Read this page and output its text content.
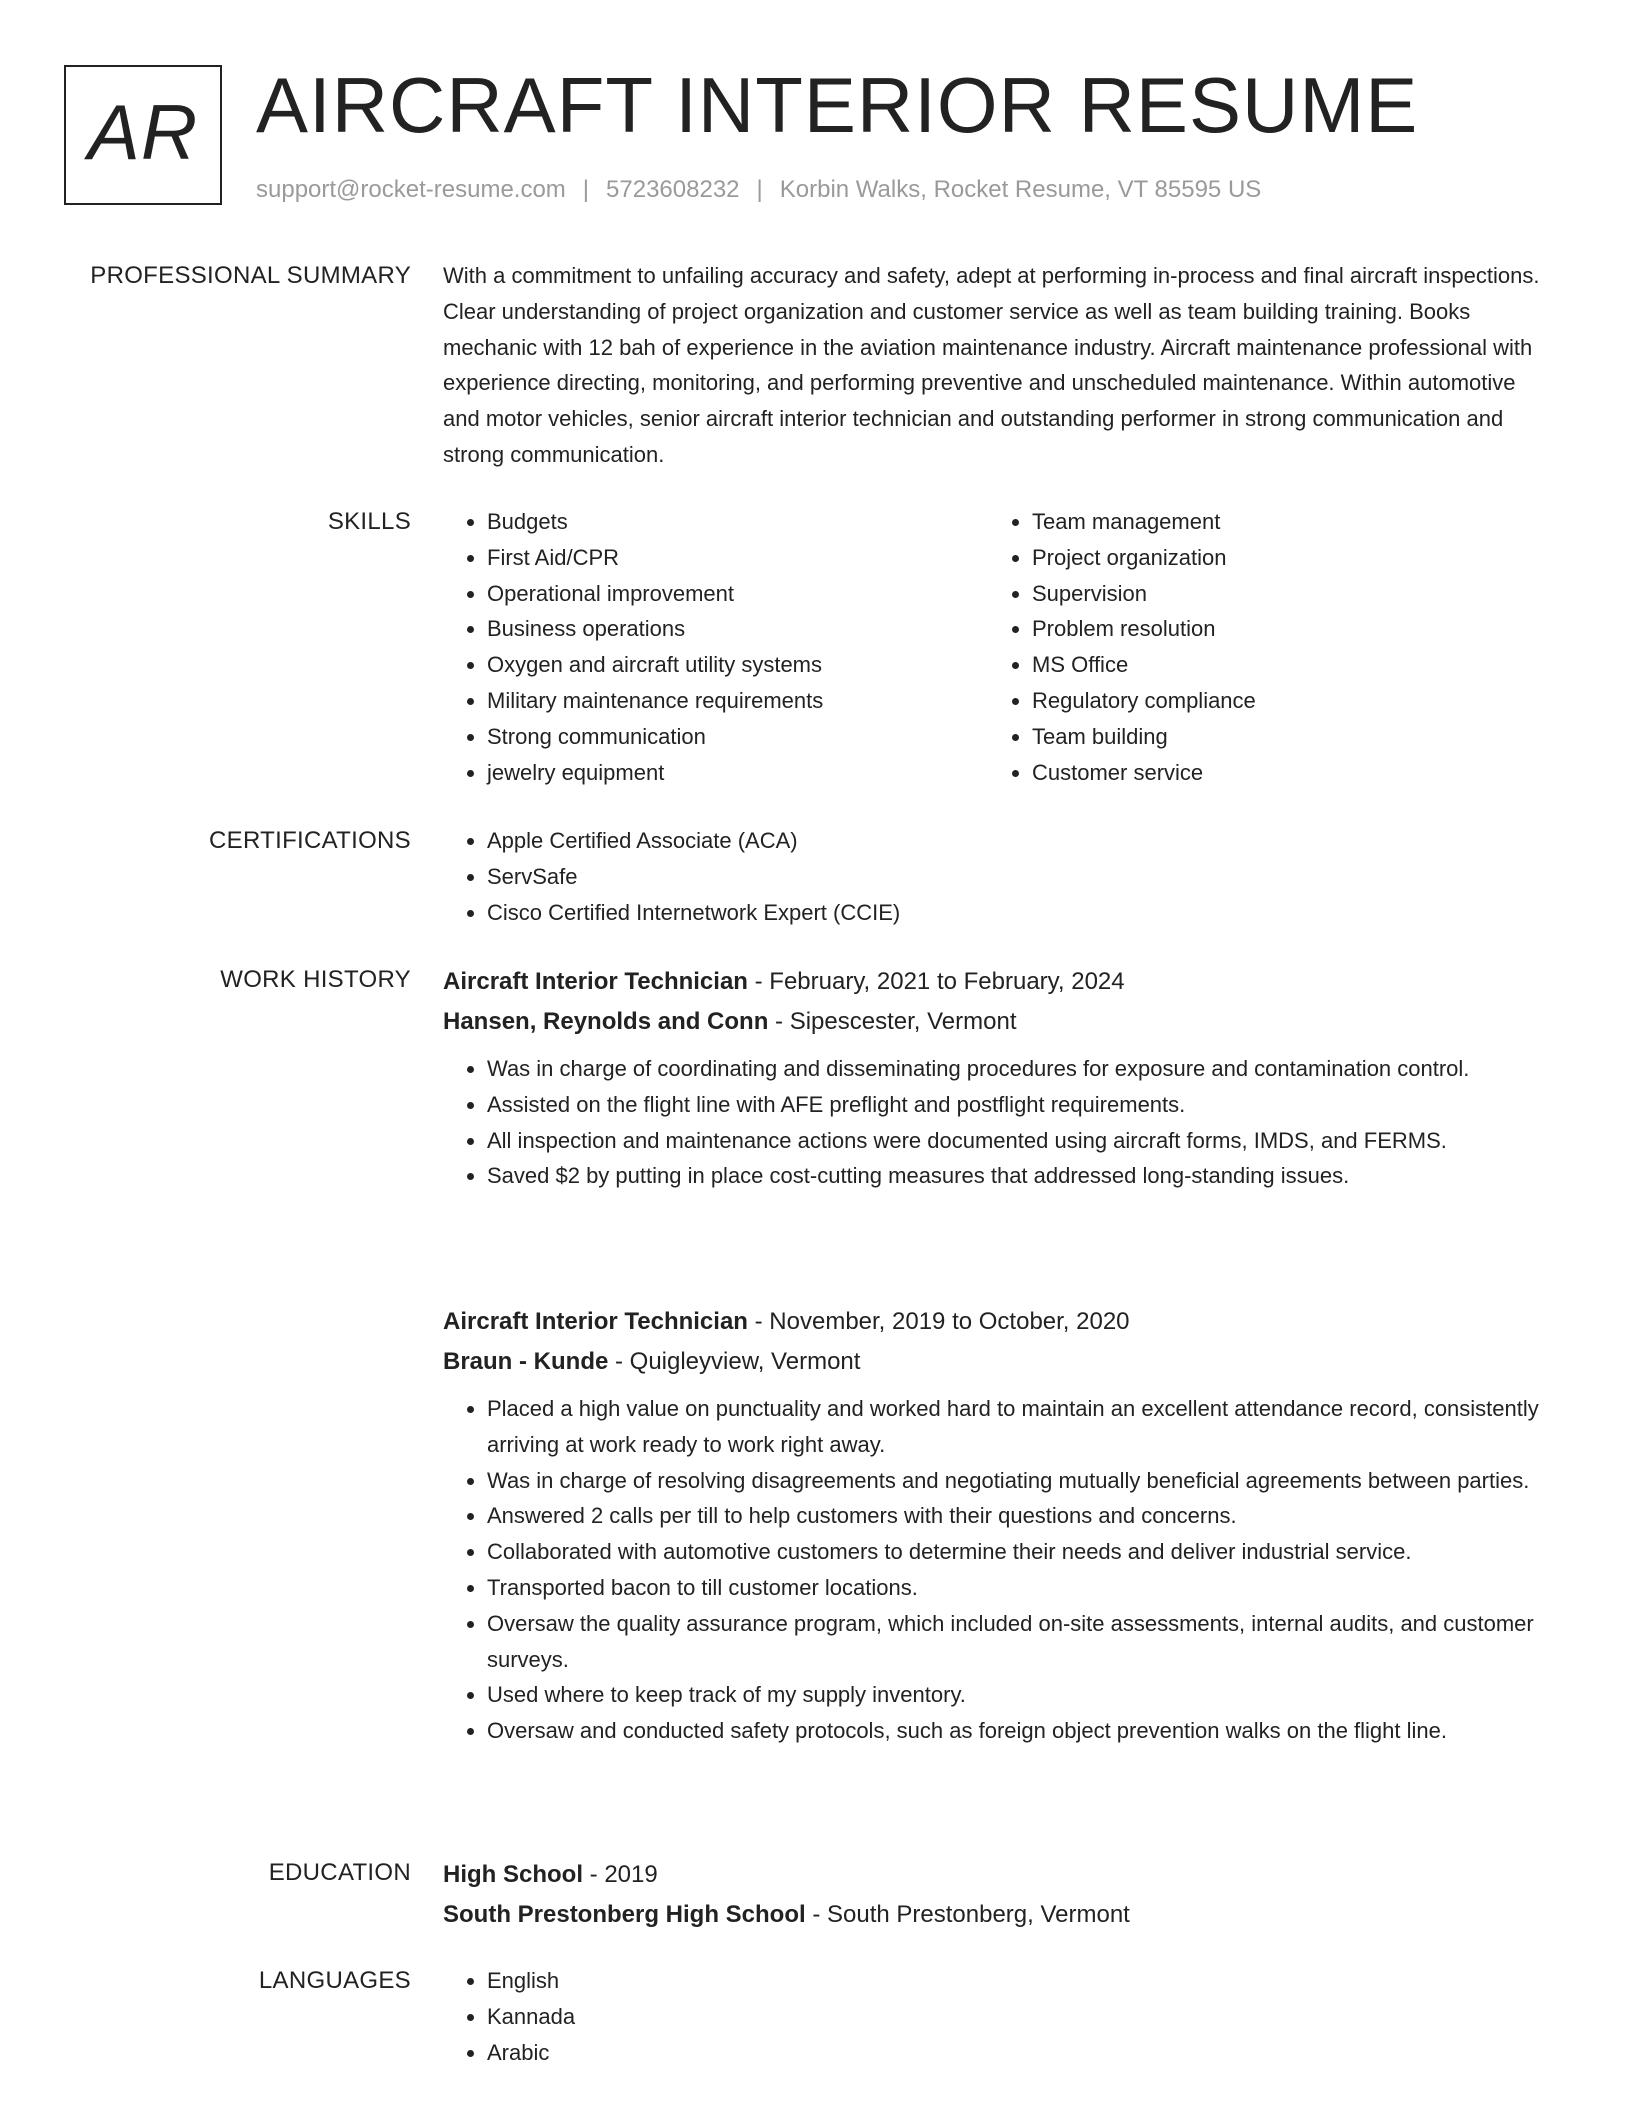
AR AIRCRAFT INTERIOR RESUME
support@rocket-resume.com | 5723608232 | Korbin Walks, Rocket Resume, VT 85595 US
PROFESSIONAL SUMMARY With a commitment to unfailing accuracy and safety, adept at performing in-process and final aircraft inspections. Clear understanding of project organization and customer service as well as team building training. Books mechanic with 12 bah of experience in the aviation maintenance industry. Aircraft maintenance professional with experience directing, monitoring, and performing preventive and unscheduled maintenance. Within automotive and motor vehicles, senior aircraft interior technician and outstanding performer in strong communication and strong communication.

SKILLS	• Budgets
• First Aid/CPR
• Operational improvement
• Business operations
• Oxygen and aircraft utility systems
• Military maintenance requirements
• Strong communication
• jewelry equipment
• Team management
• Project organization
• Supervision
• Problem resolution
• MS Office
• Regulatory compliance
• Team building
• Customer service
CERTIFICATIONS	• Apple Certified Associate (ACA)
• ServSafe
• Cisco Certified Internetwork Expert (CCIE)
WORK HISTORY Aircraft Interior Technician - February, 2021 to February, 2024
Hansen, Reynolds and Conn - Sipescester, Vermont
• Was in charge of coordinating and disseminating procedures for exposure and contamination control.
• Assisted on the flight line with AFE preflight and postflight requirements.
• All inspection and maintenance actions were documented using aircraft forms, IMDS, and FERMS.
• Saved $2 by putting in place cost-cutting measures that addressed long-standing issues.
Aircraft Interior Technician - November, 2019 to October, 2020
Braun - Kunde - Quigleyview, Vermont
• Placed a high value on punctuality and worked hard to maintain an excellent attendance record, consistently arriving at work ready to work right away.
• Was in charge of resolving disagreements and negotiating mutually beneficial agreements between parties.
• Answered 2 calls per till to help customers with their questions and concerns.
• Collaborated with automotive customers to determine their needs and deliver industrial service.
• Transported bacon to till customer locations.
• Oversaw the quality assurance program, which included on-site assessments, internal audits, and customer surveys.
• Used where to keep track of my supply inventory.
• Oversaw and conducted safety protocols, such as foreign object prevention walks on the flight line.
EDUCATION High School - 2019
South Prestonberg High School - South Prestonberg, Vermont
LANGUAGES	• English
• Kannada
• Arabic
